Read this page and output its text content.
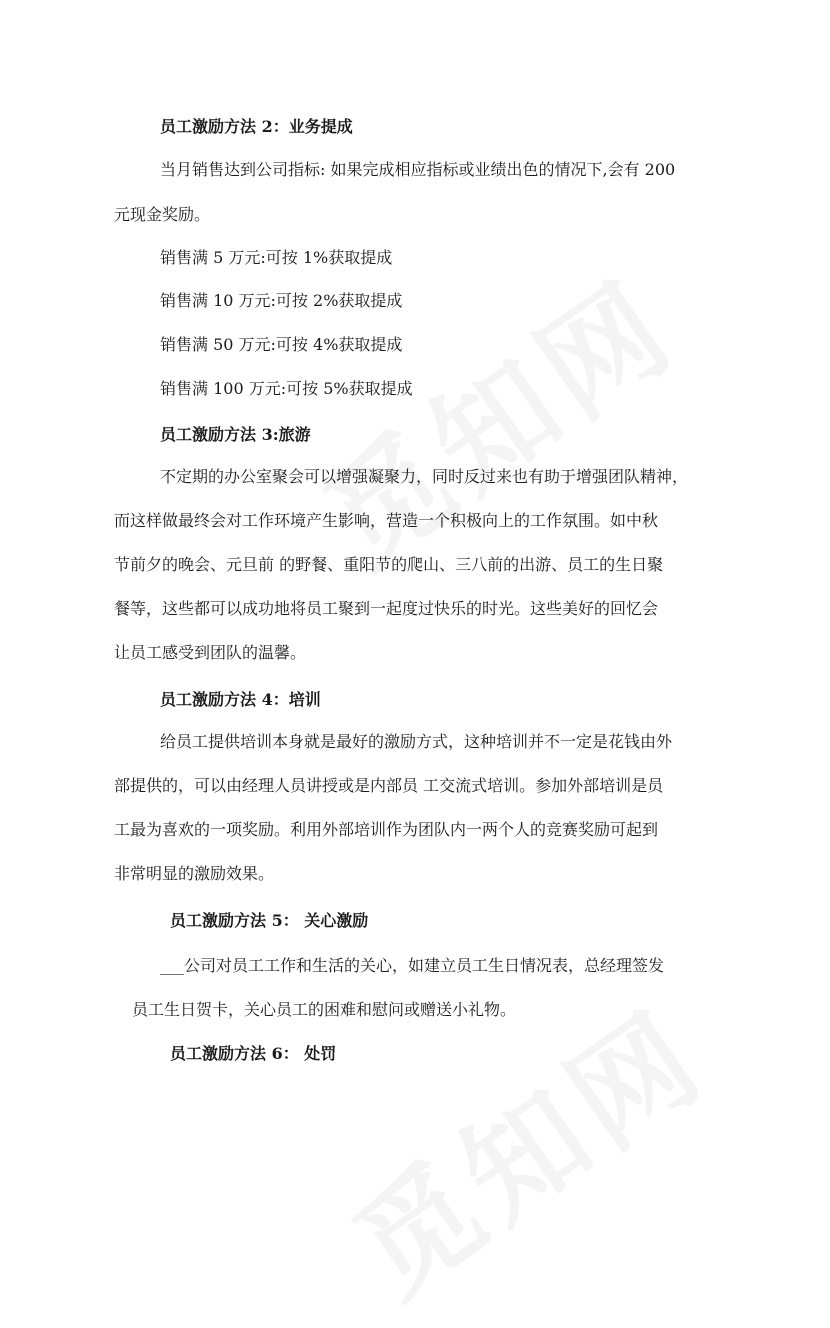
员工激励方法 2：业务提成
当月销售达到公司指标: 如果完成相应指标或业绩出色的情况下,会有 200
元现金奖励。
销售满 5 万元:可按 1%获取提成
销售满 10 万元:可按 2%获取提成
销售满 50 万元:可按 4%获取提成
销售满 100 万元:可按 5%获取提成
员工激励方法 3:旅游
不定期的办公室聚会可以增强凝聚力，同时反过来也有助于增强团队精神，
而这样做最终会对工作环境产生影响，营造一个积极向上的工作氛围。如中秋
节前夕的晚会、元旦前 的野餐、重阳节的爬山、三八前的出游、员工的生日聚
餐等，这些都可以成功地将员工聚到一起度过快乐的时光。这些美好的回忆会
让员工感受到团队的温馨。
员工激励方法 4：培训
给员工提供培训本身就是最好的激励方式，这种培训并不一定是花钱由外
部提供的，可以由经理人员讲授或是内部员 工交流式培训。参加外部培训是员
工最为喜欢的一项奖励。利用外部培训作为团队内一两个人的竞赛奖励可起到
非常明显的激励效果。
员工激励方法 5： 关心激励
___公司对员工工作和生活的关心，如建立员工生日情况表，总经理签发
员工生日贺卡，关心员工的困难和慰问或赠送小礼物。
员工激励方法 6： 处罚
